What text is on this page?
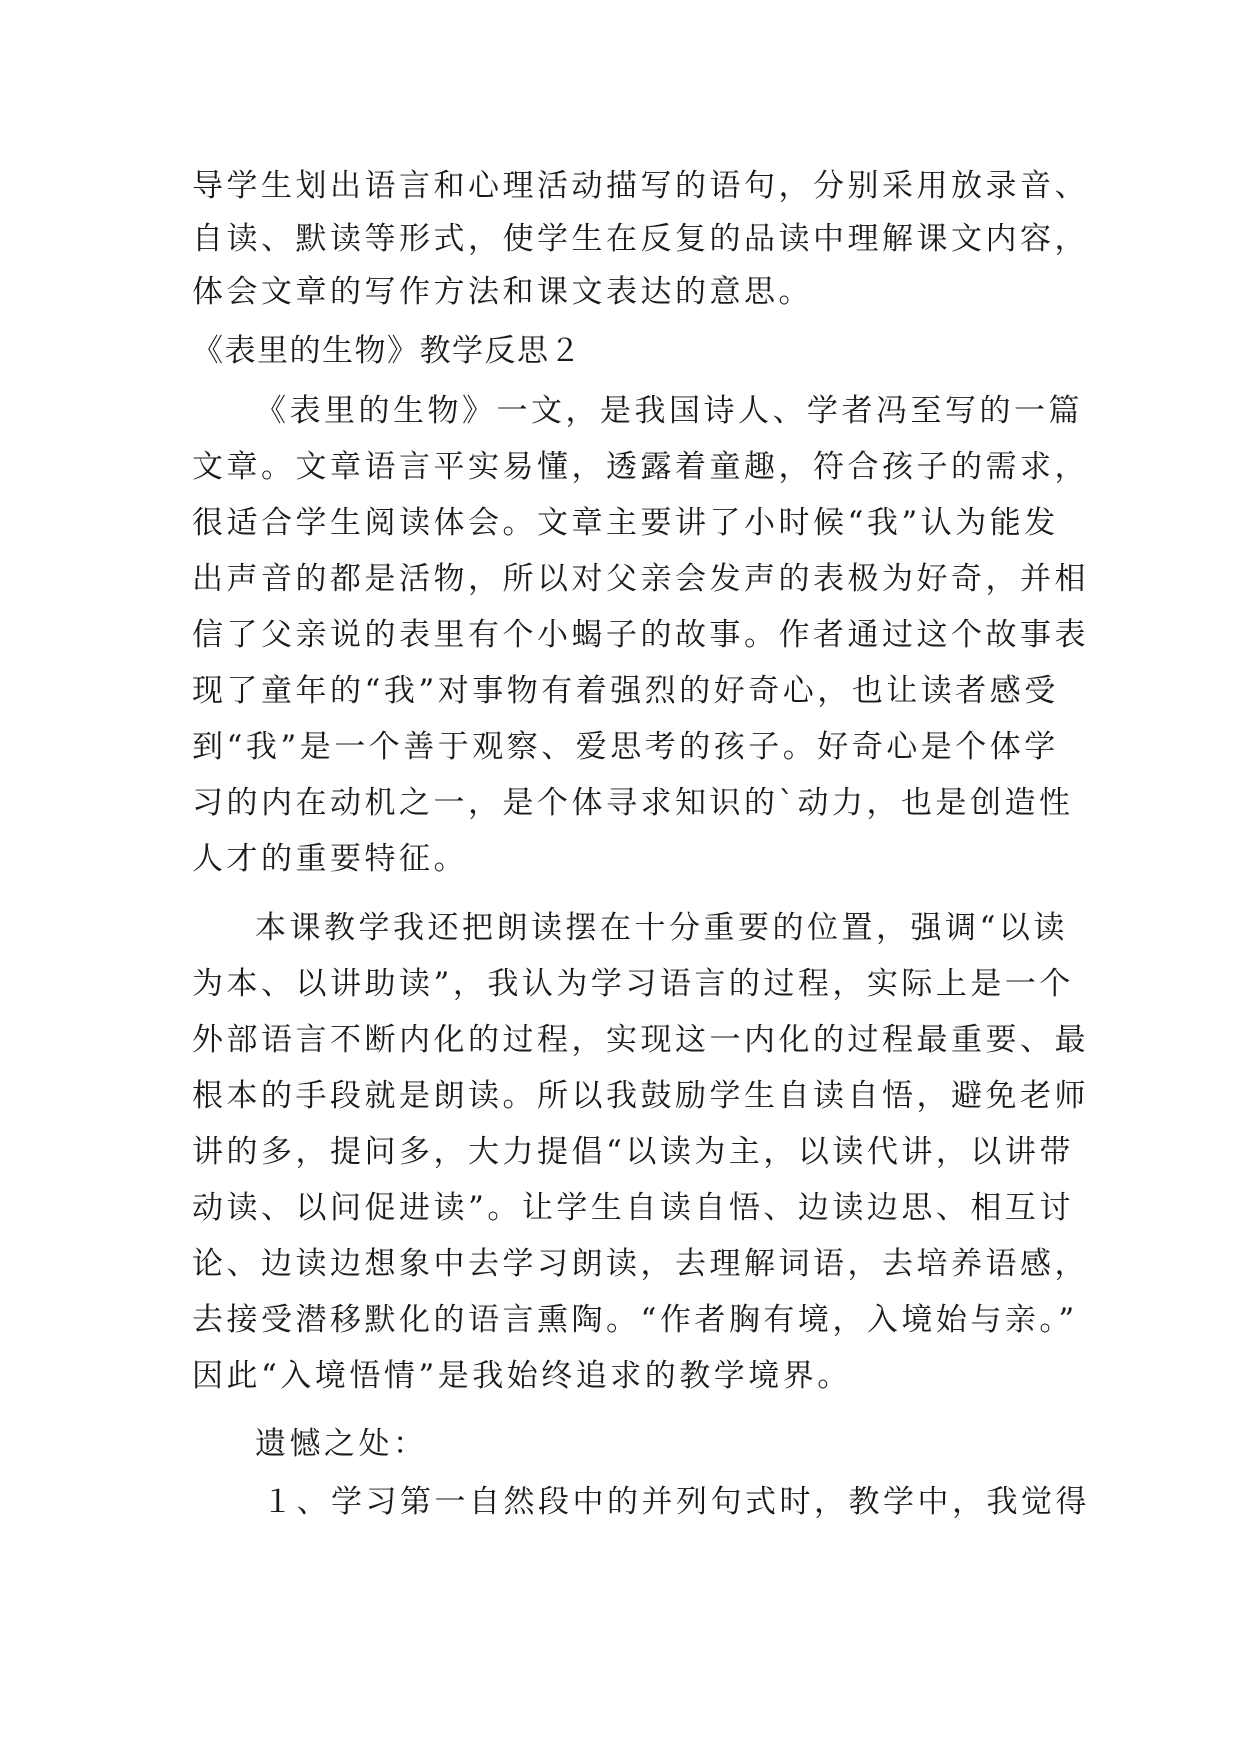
导学生划出语言和心理活动描写的语句，分别采用放录音、
自读、默读等形式，使学生在反复的品读中理解课文内容，
体会文章的写作方法和课文表达的意思。
《表里的生物》教学反思２
《表里的生物》一文，是我国诗人、学者冯至写的一篇
文章。文章语言平实易懂，透露着童趣，符合孩子的需求，
很适合学生阅读体会。文章主要讲了小时候“我”认为能发
出声音的都是活物，所以对父亲会发声的表极为好奇，并相
信了父亲说的表里有个小蝎子的故事。作者通过这个故事表
现了童年的“我”对事物有着强烈的好奇心，也让读者感受
到“我”是一个善于观察、爱思考的孩子。好奇心是个体学
习的内在动机之一，是个体寻求知识的`动力，也是创造性
人才的重要特征。
本课教学我还把朗读摆在十分重要的位置，强调“以读
为本、以讲助读”，我认为学习语言的过程，实际上是一个
外部语言不断内化的过程，实现这一内化的过程最重要、最
根本的手段就是朗读。所以我鼓励学生自读自悟，避免老师
讲的多，提问多，大力提倡“以读为主，以读代讲，以讲带
动读、以问促进读”。让学生自读自悟、边读边思、相互讨
论、边读边想象中去学习朗读，去理解词语，去培养语感，
去接受潜移默化的语言熏陶。“作者胸有境，入境始与亲。”
因此“入境悟情”是我始终追求的教学境界。
遗憾之处：
１、学习第一自然段中的并列句式时，教学中，我觉得
